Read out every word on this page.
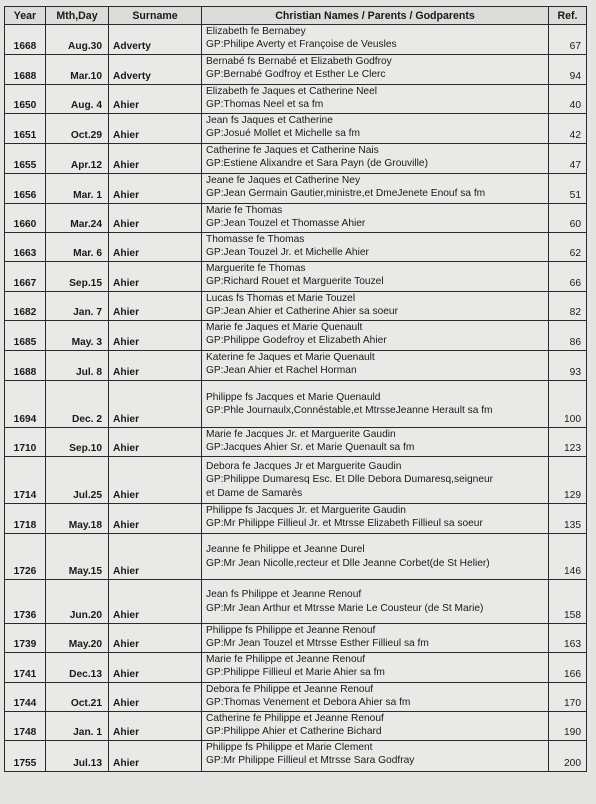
Year	Mth,Day	Surname	Christian Names / Parents / Godparents	Ref.
1668	Aug.30	Adverty	Elizabeth fe Bernabey
GP:Philipe Averty et Françoise de Veusles	67
1688	Mar.10	Adverty	Bernabé fs Bernabé et Elizabeth Godfroy
GP:Bernabé Godfroy et Esther Le Clerc	94
1650	Aug. 4	Ahier	Elizabeth fe Jaques et Catherine Neel
GP:Thomas Neel et sa fm	40
1651	Oct.29	Ahier	Jean fs Jaques et Catherine
GP:Josué Mollet et Michelle sa fm	42
1655	Apr.12	Ahier	Catherine fe Jaques et Catherine Nais
GP:Estiene Alixandre et Sara Payn (de Grouville)	47
1656	Mar. 1	Ahier	Jeane fe Jaques et Catherine Ney
GP:Jean Germain Gautier,ministre,et DmeJenete Enouf sa fm	51
1660	Mar.24	Ahier	Marie fe Thomas
GP:Jean Touzel et Thomasse Ahier	60
1663	Mar. 6	Ahier	Thomasse fe Thomas
GP:Jean Touzel Jr. et Michelle Ahier	62
1667	Sep.15	Ahier	Marguerite fe Thomas
GP:Richard Rouet et Marguerite Touzel	66
1682	Jan. 7	Ahier	Lucas fs Thomas et Marie Touzel
GP:Jean Ahier et Catherine Ahier sa soeur	82
1685	May. 3	Ahier	Marie fe Jaques et Marie Quenault
GP:Philippe Godefroy et Elizabeth Ahier	86
1688	Jul. 8	Ahier	Katerine fe Jaques et Marie Quenault
GP:Jean Ahier et Rachel Horman	93
1694	Dec. 2	Ahier	Philippe fs Jacques et Marie Quenauld
GP:Phle Journaulx,Connéstable,et MtrsseJeanne Herault sa fm	100
1710	Sep.10	Ahier	Marie fe Jacques Jr. et Marguerite Gaudin
GP:Jacques Ahier Sr. et Marie Quenault sa fm	123
1714	Jul.25	Ahier	Debora fe Jacques Jr et Marguerite Gaudin
GP:Philippe Dumaresq Esc. Et Dlle Debora Dumaresq,seigneur
et Dame de Samarès	129
1718	May.18	Ahier	Philippe fs Jacques Jr. et Marguerite Gaudin
GP:Mr Philippe Fillieul Jr. et Mtrsse Elizabeth Fillieul sa soeur	135
1726	May.15	Ahier	Jeanne fe Philippe et Jeanne Durel
GP:Mr Jean Nicolle,recteur et Dlle Jeanne Corbet(de St Helier)	146
1736	Jun.20	Ahier	Jean fs Philippe et Jeanne Renouf
GP:Mr Jean Arthur et Mtrsse Marie Le Cousteur (de St Marie)	158
1739	May.20	Ahier	Philippe fs Philippe et Jeanne Renouf
GP:Mr Jean Touzel et Mtrsse Esther Fillieul sa fm	163
1741	Dec.13	Ahier	Marie fe Philippe et Jeanne Renouf
GP:Philippe Fillieul et Marie Ahier sa fm	166
1744	Oct.21	Ahier	Debora fe Philippe et Jeanne Renouf
GP:Thomas Venement et Debora Ahier sa fm	170
1748	Jan. 1	Ahier	Catherine fe Philippe et Jeanne Renouf
GP:Philippe Ahier et Catherine Bichard	190
1755	Jul.13	Ahier	Philippe fs Philippe et Marie Clement
GP:Mr Philippe Fillieul et Mtrsse Sara Godfray	200
